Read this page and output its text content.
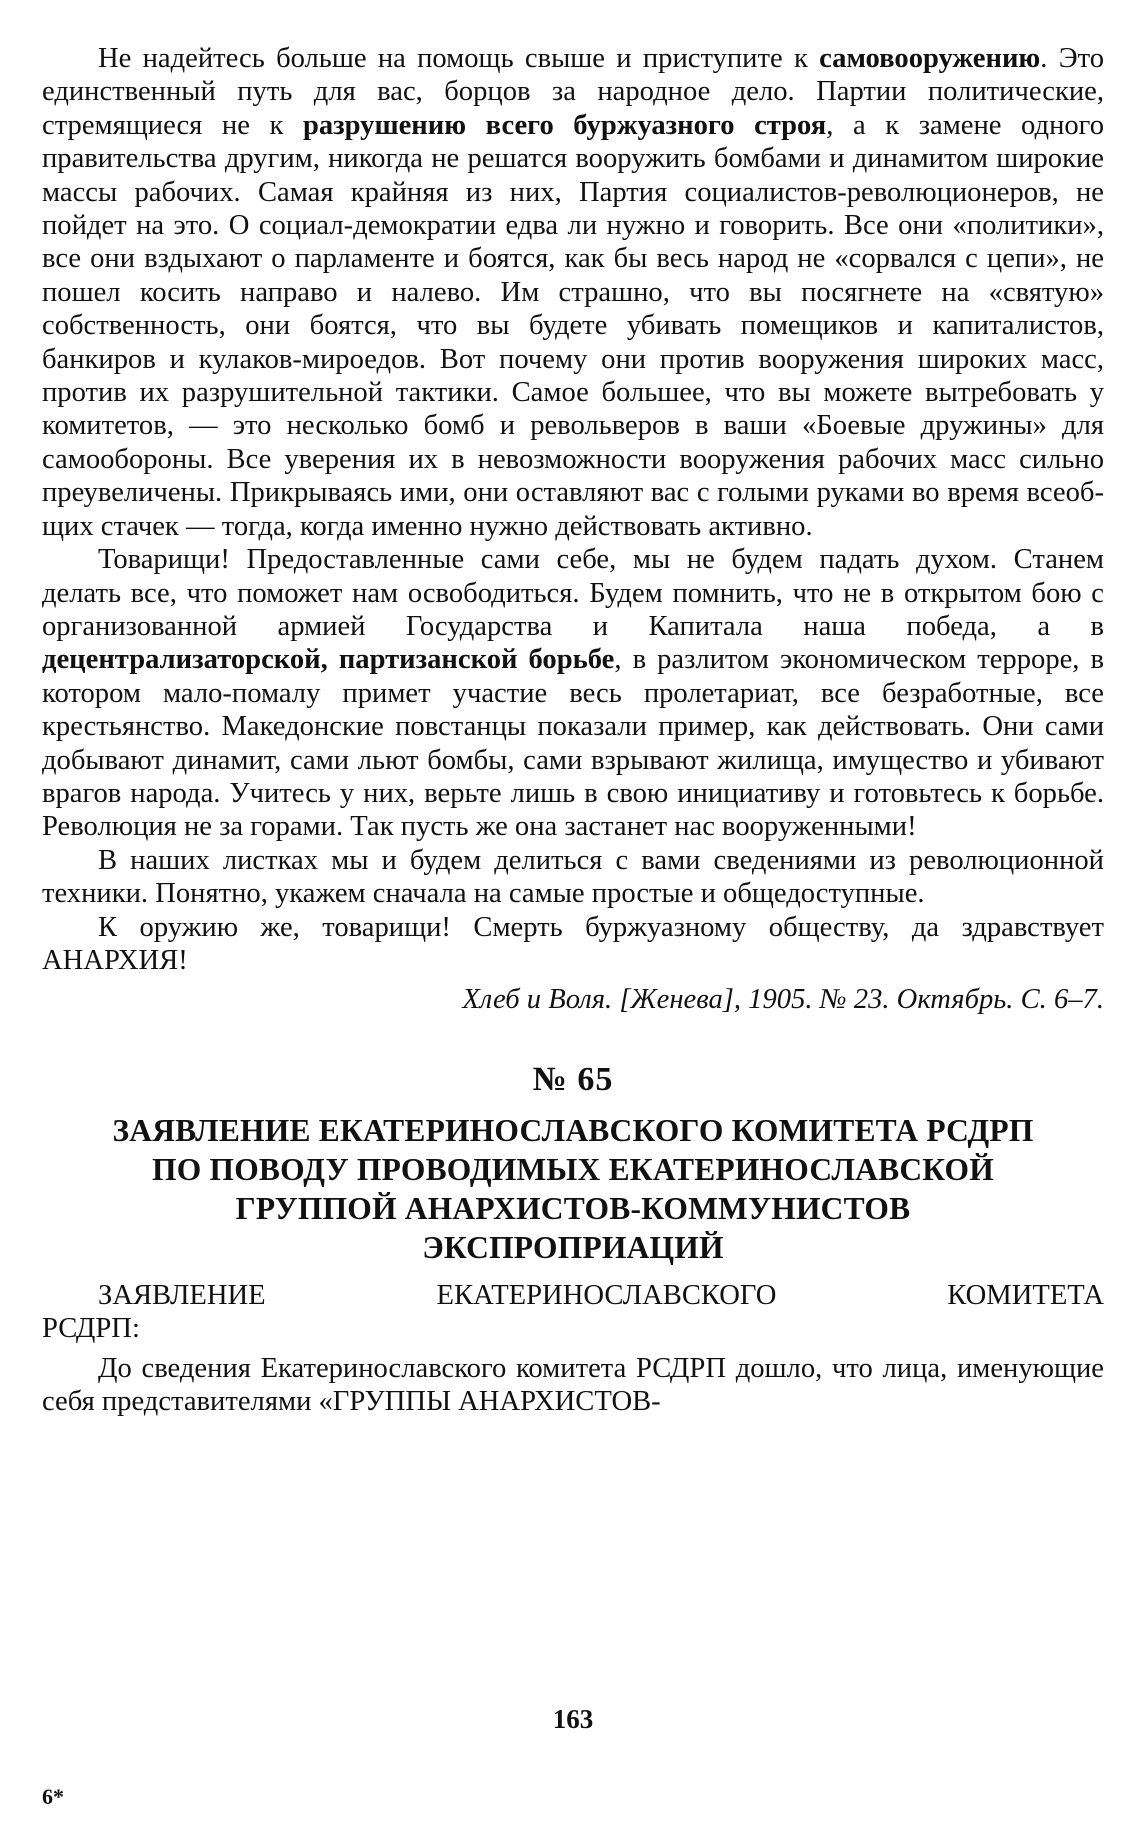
Не надейтесь больше на помощь свыше и приступите к самовооружению. Это единственный путь для вас, борцов за народное дело. Партии политические, стремящиеся не к разрушению всего буржуазного строя, а к замене одного правительства другим, никогда не решатся вооружить бомбами и динамитом широкие массы рабочих. Самая крайняя из них, Партия социалистов-революционеров, не пойдет на это. О социал-демократии едва ли нужно и говорить. Все они «политики», все они вздыхают о парламенте и боятся, как бы весь народ не «сорвался с цепи», не пошел косить направо и налево. Им страшно, что вы посягнете на «святую» собственность, они боятся, что вы будете убивать помещиков и капиталистов, банкиров и кулаков-мироедов. Вот почему они против вооружения широких масс, против их разрушительной тактики. Самое большее, что вы можете вытребовать у комитетов, — это несколько бомб и револьверов в ваши «Боевые дружины» для самообороны. Все уверения их в невозможности вооружения рабочих масс сильно преувеличены. Прикрываясь ими, они оставляют вас с голыми руками во время всеобщих стачек — тогда, когда именно нужно действовать активно.

Товарищи! Предоставленные сами себе, мы не будем падать духом. Станем делать все, что поможет нам освободиться. Будем помнить, что не в открытом бою с организованной армией Государства и Капитала наша победа, а в децентрализаторской, партизанской борьбе, в разлитом экономическом терроре, в котором мало-помалу примет участие весь пролетариат, все безработные, все крестьянство. Македонские повстанцы показали пример, как действовать. Они сами добывают динамит, сами льют бомбы, сами взрывают жилища, имущество и убивают врагов народа. Учитесь у них, верьте лишь в свою инициативу и готовьтесь к борьбе. Революция не за горами. Так пусть же она застанет нас вооруженными!

В наших листках мы и будем делиться с вами сведениями из революционной техники. Понятно, укажем сначала на самые простые и общедоступные.

К оружию же, товарищи! Смерть буржуазному обществу, да здравствует АНАРХИЯ!

Хлеб и Воля. [Женева], 1905. № 23. Октябрь. С. 6–7.
№ 65
ЗАЯВЛЕНИЕ ЕКАТЕРИНОСЛАВСКОГО КОМИТЕТА РСДРП
ПО ПОВОДУ ПРОВОДИМЫХ ЕКАТЕРИНОСЛАВСКОЙ
ГРУППОЙ АНАРХИСТОВ-КОММУНИСТОВ
ЭКСПРОПРИАЦИЙ
ЗАЯВЛЕНИЕ	ЕКАТЕРИНОСЛАВСКОГО	КОМИТЕТА
РСДРП:

До сведения Екатеринославского комитета РСДРП дошло, что лица, именующие себя представителями «ГРУППЫ АНАРХИСТОВ-

163
6*
